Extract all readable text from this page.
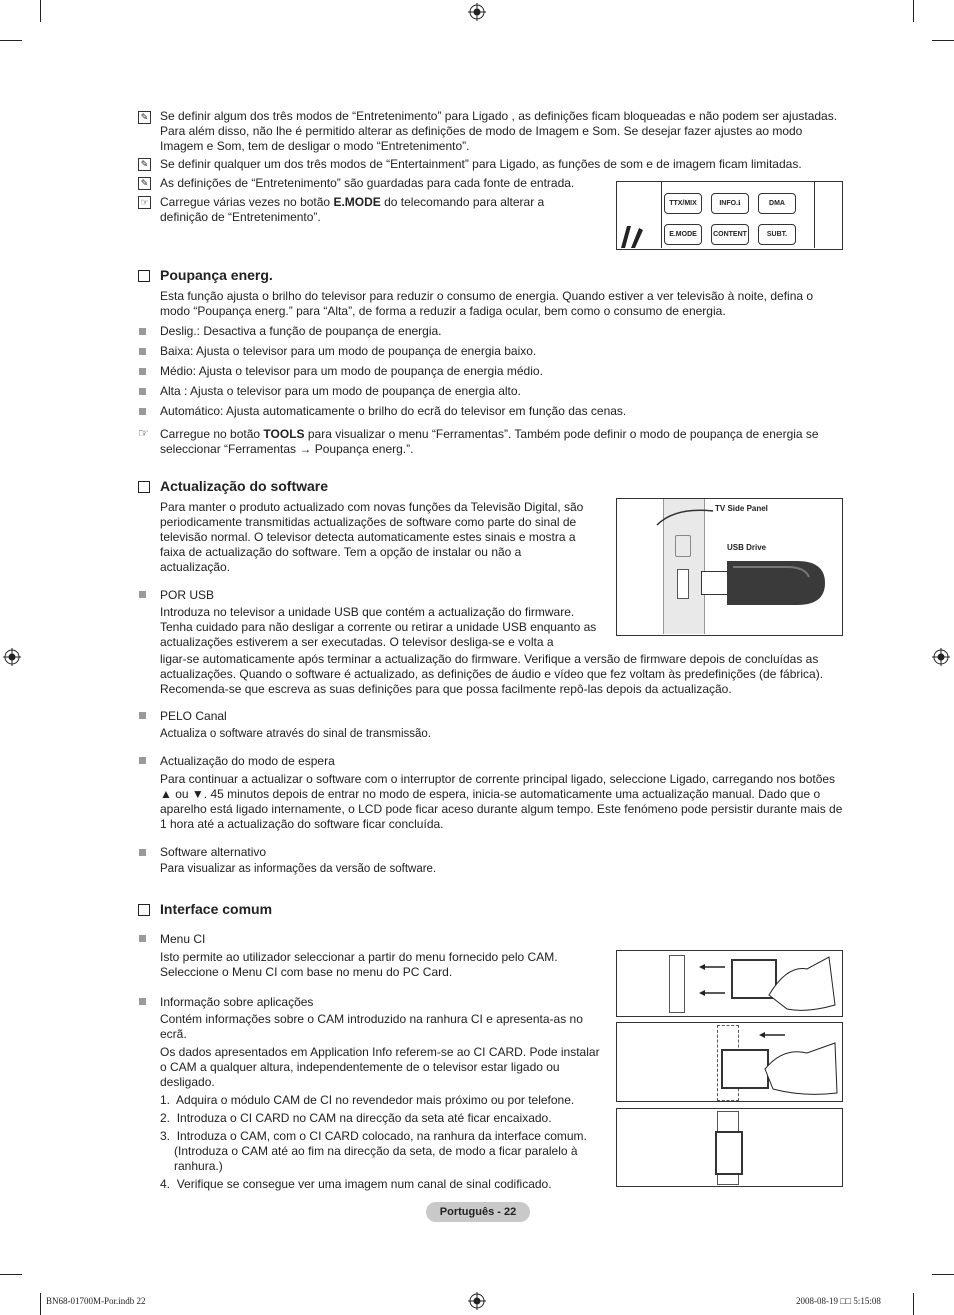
✎ Se definir algum dos três modos de “Entretenimento” para Ligado , as definições ficam bloqueadas e não podem ser ajustadas. Para além disso, não lhe é permitido alterar as definições de modo de Imagem e Som. Se desejar fazer ajustes ao modo Imagem e Som, tem de desligar o modo “Entretenimento”.

✎ Se definir qualquer um dos três modos de “Entertainment” para Ligado, as funções de som e de imagem ficam limitadas.

✎ As definições de “Entretenimento” são guardadas para cada fonte de entrada.

☞ Carregue várias vezes no botão E.MODE do telecomando para alterar a definição de “Entretenimento”.

TTX/MIX	INFO.ℹ	DMA
E.MODE	CONTENT	SUBT.
Poupança energ.

Esta função ajusta o brilho do televisor para reduzir o consumo de energia. Quando estiver a ver televisão à noite, defina o modo “Poupança energ.” para “Alta”, de forma a reduzir a fadiga ocular, bem como o consumo de energia.

Deslig.: Desactiva a função de poupança de energia.

Baixa: Ajusta o televisor para um modo de poupança de energia baixo.

Médio: Ajusta o televisor para um modo de poupança de energia médio.

Alta : Ajusta o televisor para um modo de poupança de energia alto.

Automático: Ajusta automaticamente o brilho do ecrã do televisor em função das cenas.

☞ Carregue no botão TOOLS para visualizar o menu “Ferramentas”. Também pode definir o modo de poupança de energia se seleccionar “Ferramentas → Poupança energ.”.

Actualização do software

Para manter o produto actualizado com novas funções da Televisão Digital, são periodicamente transmitidas actualizações de software como parte do sinal de televisão normal. O televisor detecta automaticamente estes sinais e mostra a faixa de actualização do software. Tem a opção de instalar ou não a actualização.

POR USB

Introduza no televisor a unidade USB que contém a actualização do firmware. Tenha cuidado para não desligar a corrente ou retirar a unidade USB enquanto as actualizações estiverem a ser executadas. O televisor desliga-se e volta a

ligar-se automaticamente após terminar a actualização do firmware. Verifique a versão de firmware depois de concluídas as actualizações. Quando o software é actualizado, as definições de áudio e vídeo que fez voltam às predefinições (de fábrica). Recomenda-se que escreva as suas definições para que possa facilmente repô-las depois da actualização.

TV Side Panel
USB Drive

PELO Canal

Actualiza o software através do sinal de transmissão.

Actualização do modo de espera

Para continuar a actualizar o software com o interruptor de corrente principal ligado, seleccione Ligado, carregando nos botões ▲ ou ▼. 45 minutos depois de entrar no modo de espera, inicia-se automaticamente uma actualização manual. Dado que o aparelho está ligado internamente, o LCD pode ficar aceso durante algum tempo. Este fenómeno pode persistir durante mais de 1 hora até a actualização do software ficar concluída.

Software alternativo

Para visualizar as informações da versão de software.

Interface comum

Menu CI

Isto permite ao utilizador seleccionar a partir do menu fornecido pelo CAM. Seleccione o Menu CI com base no menu do PC Card.

Informação sobre aplicações

Contém informações sobre o CAM introduzido na ranhura CI e apresenta-as no ecrã.

Os dados apresentados em Application Info referem-se ao CI CARD. Pode instalar o CAM a qualquer altura, independentemente de o televisor estar ligado ou desligado.

1.  Adquira o módulo CAM de CI no revendedor mais próximo ou por telefone.

2.  Introduza o CI CARD no CAM na direcção da seta até ficar encaixado.

3.  Introduza o CAM, com o CI CARD colocado, na ranhura da interface comum. (Introduza o CAM até ao fim na direcção da seta, de modo a ficar paralelo à ranhura.)

4.  Verifique se consegue ver uma imagem num canal de sinal codificado.

Português - 22
BN68-01700M-Por.indb 22	2008-08-19 □□ 5:15:08
